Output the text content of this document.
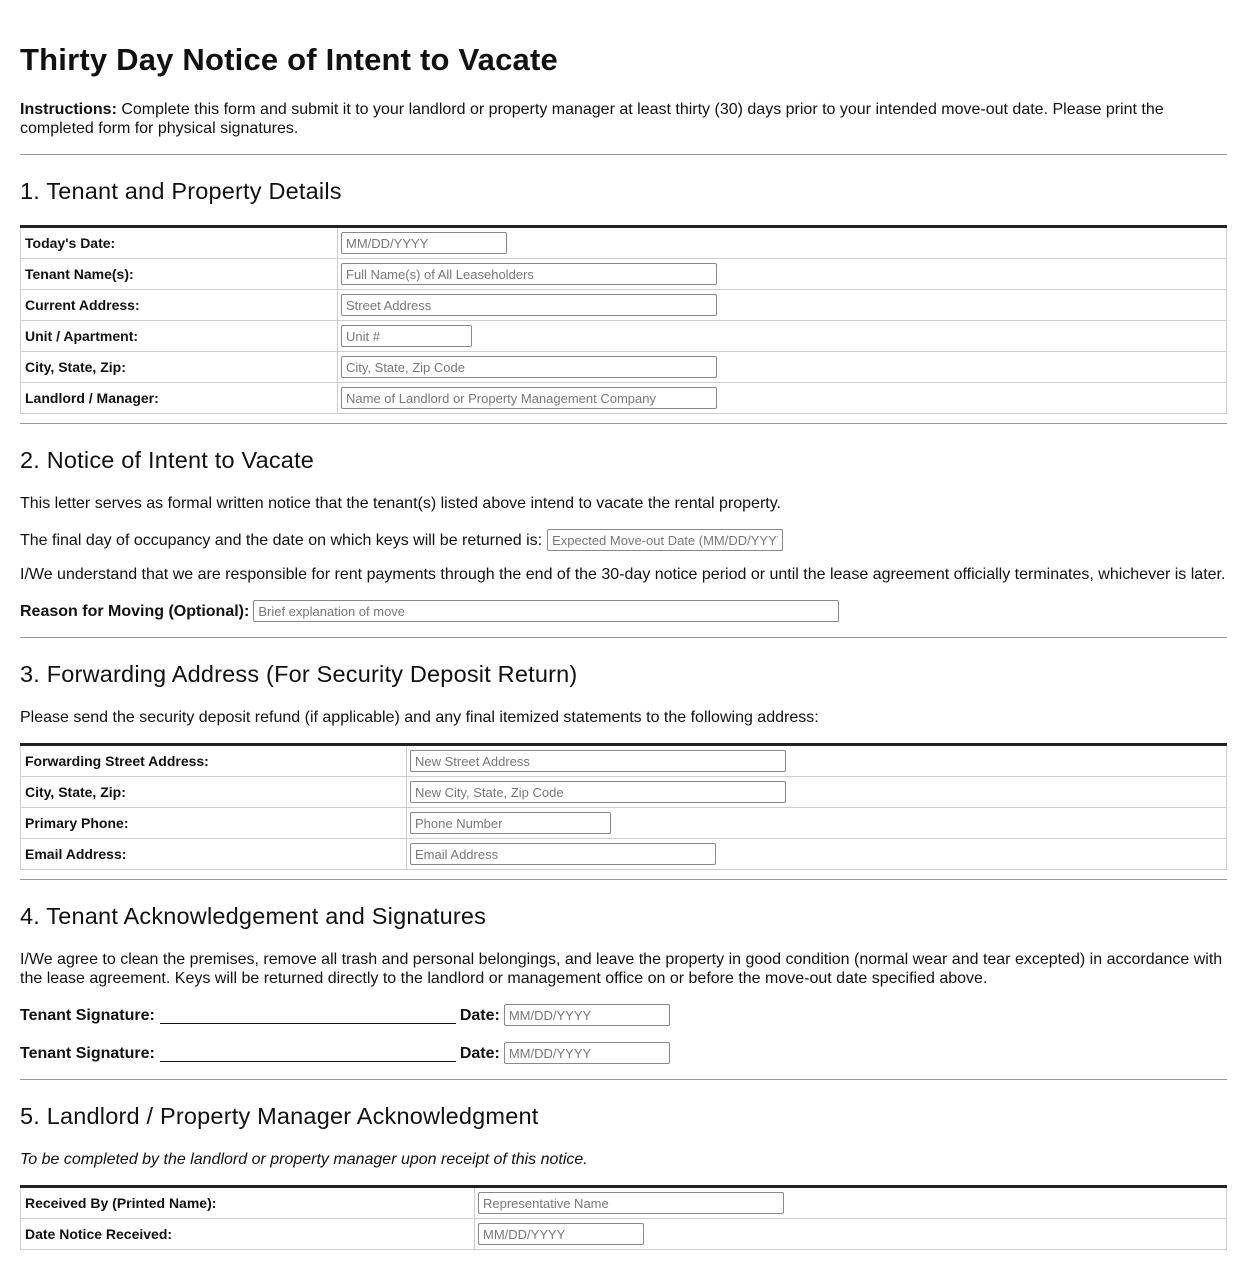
Thirty Day Notice of Intent to Vacate
Instructions: Complete this form and submit it to your landlord or property manager at least thirty (30) days prior to your intended move-out date. Please print the completed form for physical signatures.
1. Tenant and Property Details
Today's Date:	
MM/DD/YYYY
Tenant Name(s):	
Full Name(s) of All Leaseholders
Current Address:	
Street Address
Unit / Apartment:	
Unit #
City, State, Zip:	
City, State, Zip Code
Landlord / Manager:	
Name of Landlord or Property Management Company
2. Notice of Intent to Vacate

This letter serves as formal written notice that the tenant(s) listed above intend to vacate the rental property.

The final day of occupancy and the date on which keys will be returned is:
Expected Move-out Date (MM/DD/YYYY)

I/We understand that we are responsible for rent payments through the end of the 30-day notice period or until the lease agreement officially terminates, whichever is later.

Reason for Moving (Optional):
Brief explanation of move
3. Forwarding Address (For Security Deposit Return)

Please send the security deposit refund (if applicable) and any final itemized statements to the following address:

Forwarding Street Address:	
New Street Address
City, State, Zip:	
New City, State, Zip Code
Primary Phone:	
Phone Number
Email Address:	
Email Address
4. Tenant Acknowledgement and Signatures

I/We agree to clean the premises, remove all trash and personal belongings, and leave the property in good condition (normal wear and tear excepted) in accordance with the lease agreement. Keys will be returned directly to the landlord or management office on or before the move-out date specified above.

Tenant Signature:	Date:
MM/DD/YYYY
Tenant Signature:	Date:
MM/DD/YYYY
5. Landlord / Property Manager Acknowledgment

To be completed by the landlord or property manager upon receipt of this notice.

Received By (Printed Name):	
Representative Name
Date Notice Received:	
MM/DD/YYYY
